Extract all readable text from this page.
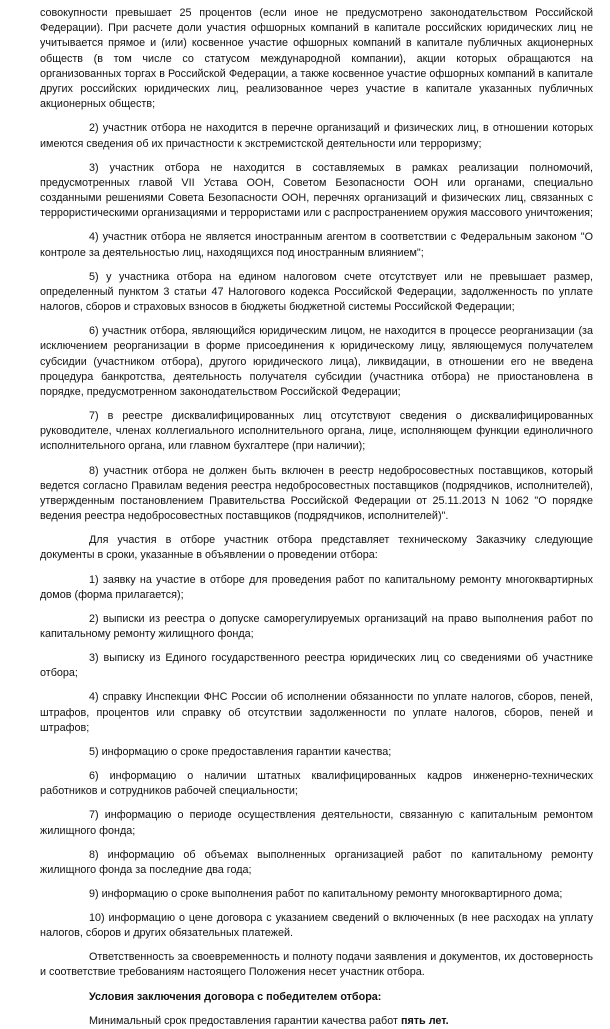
совокупности превышает 25 процентов (если иное не предусмотрено законодательством Российской Федерации). При расчете доли участия офшорных компаний в капитале российских юридических лиц не учитывается прямое и (или) косвенное участие офшорных компаний в капитале публичных акционерных обществ (в том числе со статусом международной компании), акции которых обращаются на организованных торгах в Российской Федерации, а также косвенное участие офшорных компаний в капитале других российских юридических лиц, реализованное через участие в капитале указанных публичных акционерных обществ;

2) участник отбора не находится в перечне организаций и физических лиц, в отношении которых имеются сведения об их причастности к экстремистской деятельности или терроризму;

3) участник отбора не находится в составляемых в рамках реализации полномочий, предусмотренных главой VII Устава ООН, Советом Безопасности ООН или органами, специально созданными решениями Совета Безопасности ООН, перечнях организаций и физических лиц, связанных с террористическими организациями и террористами или с распространением оружия массового уничтожения;

4) участник отбора не является иностранным агентом в соответствии с Федеральным законом "О контроле за деятельностью лиц, находящихся под иностранным влиянием";

5) у участника отбора на едином налоговом счете отсутствует или не превышает размер, определенный пунктом 3 статьи 47 Налогового кодекса Российской Федерации, задолженность по уплате налогов, сборов и страховых взносов в бюджеты бюджетной системы Российской Федерации;

6) участник отбора, являющийся юридическим лицом, не находится в процессе реорганизации (за исключением реорганизации в форме присоединения к юридическому лицу, являющемуся получателем субсидии (участником отбора), другого юридического лица), ликвидации, в отношении его не введена процедура банкротства, деятельность получателя субсидии (участника отбора) не приостановлена в порядке, предусмотренном законодательством Российской Федерации;

7) в реестре дисквалифицированных лиц отсутствуют сведения о дисквалифицированных руководителе, членах коллегиального исполнительного органа, лице, исполняющем функции единоличного исполнительного органа, или главном бухгалтере (при наличии);

8) участник отбора не должен быть включен в реестр недобросовестных поставщиков, который ведется согласно Правилам ведения реестра недобросовестных поставщиков (подрядчиков, исполнителей), утвержденным постановлением Правительства Российской Федерации от 25.11.2013 N 1062 "О порядке ведения реестра недобросовестных поставщиков (подрядчиков, исполнителей)".

Для участия в отборе участник отбора представляет техническому Заказчику следующие документы в сроки, указанные в объявлении о проведении отбора:

1) заявку на участие в отборе для проведения работ по капитальному ремонту многоквартирных домов (форма прилагается);

2) выписки из реестра о допуске саморегулируемых организаций на право выполнения работ по капитальному ремонту жилищного фонда;

3) выписку из Единого государственного реестра юридических лиц со сведениями об участнике отбора;

4) справку Инспекции ФНС России об исполнении обязанности по уплате налогов, сборов, пеней, штрафов, процентов или справку об отсутствии задолженности по уплате налогов, сборов, пеней и штрафов;

5) информацию о сроке предоставления гарантии качества;

6) информацию о наличии штатных квалифицированных кадров инженерно-технических работников и сотрудников рабочей специальности;

7) информацию о периоде осуществления деятельности, связанную с капитальным ремонтом жилищного фонда;

8) информацию об объемах выполненных организацией работ по капитальному ремонту жилищного фонда за последние два года;

9) информацию о сроке выполнения работ по капитальному ремонту многоквартирного дома;

10) информацию о цене договора с указанием сведений о включенных (в нее расходах на уплату налогов, сборов и других обязательных платежей.

Ответственность за своевременность и полноту подачи заявления и документов, их достоверность и соответствие требованиям настоящего Положения несет участник отбора.

Условия заключения договора с победителем отбора:

Минимальный срок предоставления гарантии качества работ пять лет.
